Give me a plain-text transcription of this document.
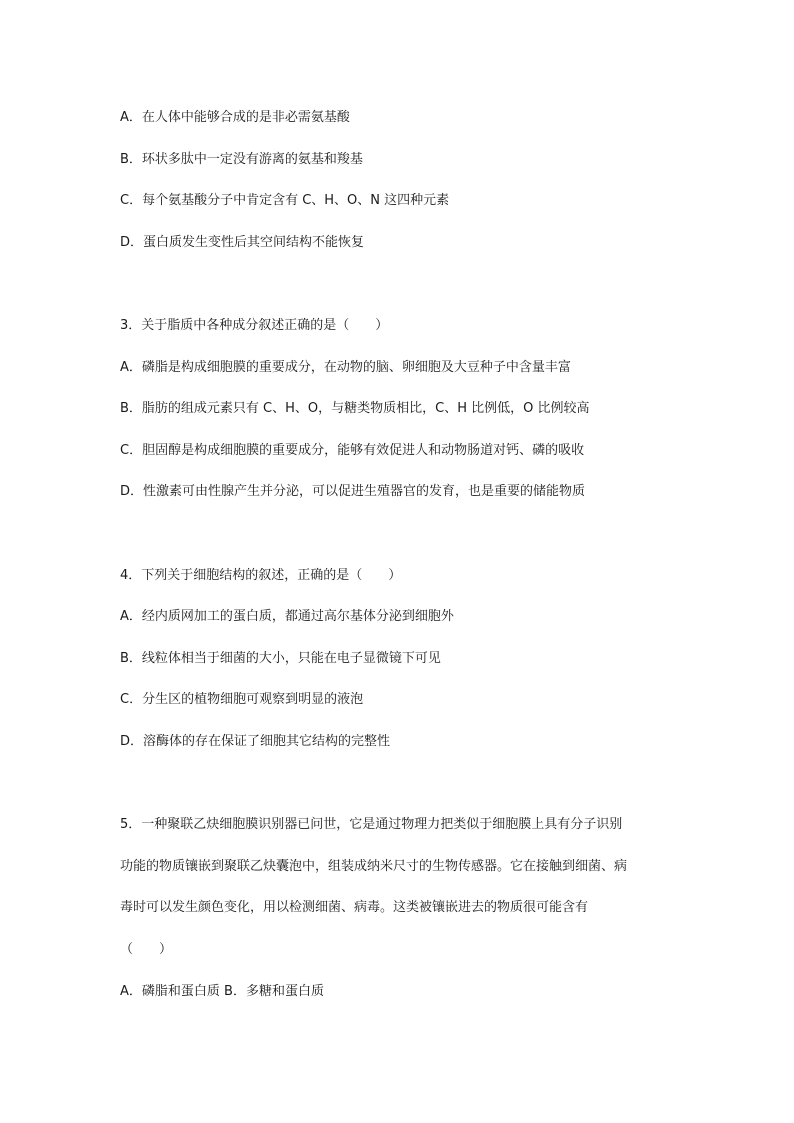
A．在人体中能够合成的是非必需氨基酸
B．环状多肽中一定没有游离的氨基和羧基
C．每个氨基酸分子中肯定含有 C、H、O、N 这四种元素
D．蛋白质发生变性后其空间结构不能恢复
3．关于脂质中各种成分叙述正确的是（　　）
A．磷脂是构成细胞膜的重要成分，在动物的脑、卵细胞及大豆种子中含量丰富
B．脂肪的组成元素只有 C、H、O，与糖类物质相比，C、H 比例低，O 比例较高
C．胆固醇是构成细胞膜的重要成分，能够有效促进人和动物肠道对钙、磷的吸收
D．性激素可由性腺产生并分泌，可以促进生殖器官的发育，也是重要的储能物质
4．下列关于细胞结构的叙述，正确的是（　　）
A．经内质网加工的蛋白质，都通过高尔基体分泌到细胞外
B．线粒体相当于细菌的大小，只能在电子显微镜下可见
C．分生区的植物细胞可观察到明显的液泡
D．溶酶体的存在保证了细胞其它结构的完整性
5．一种聚联乙炔细胞膜识别器已问世，它是通过物理力把类似于细胞膜上具有分子识别
功能的物质镶嵌到聚联乙炔囊泡中，组装成纳米尺寸的生物传感器。它在接触到细菌、病
毒时可以发生颜色变化，用以检测细菌、病毒。这类被镶嵌进去的物质很可能含有
（　　）
A．磷脂和蛋白质 B．多糖和蛋白质
